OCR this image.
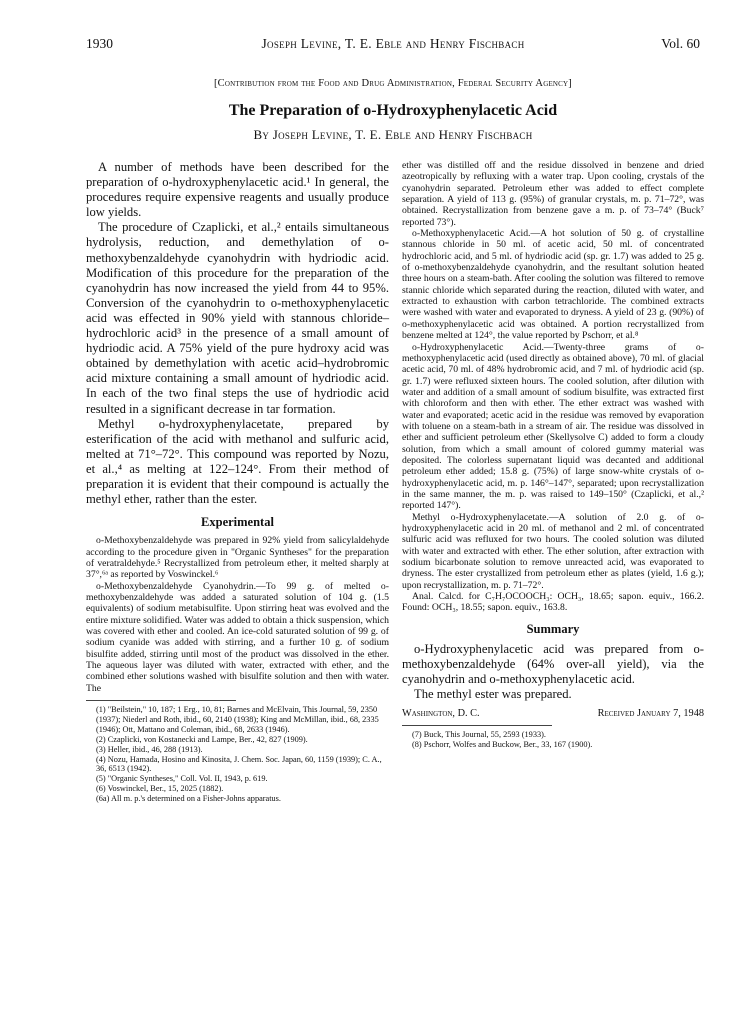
1930	Joseph Levine, T. E. Eble and Henry Fischbach	Vol. 60
[Contribution from the Food and Drug Administration, Federal Security Agency]
The Preparation of o-Hydroxyphenylacetic Acid
By Joseph Levine, T. E. Eble and Henry Fischbach

A number of methods have been described for the preparation of o-hydroxyphenylacetic acid.¹ In general, the procedures require expensive reagents and usually produce low yields.

The procedure of Czaplicki, et al.,² entails simultaneous hydrolysis, reduction, and demethylation of o-methoxybenzaldehyde cyanohydrin with hydriodic acid. Modification of this procedure for the preparation of the cyanohydrin has now increased the yield from 44 to 95%. Conversion of the cyanohydrin to o-methoxyphenylacetic acid was effected in 90% yield with stannous chloride–hydrochloric acid³ in the presence of a small amount of hydriodic acid. A 75% yield of the pure hydroxy acid was obtained by demethylation with acetic acid–hydrobromic acid mixture containing a small amount of hydriodic acid. In each of the two final steps the use of hydriodic acid resulted in a significant decrease in tar formation.

Methyl o-hydroxyphenylacetate, prepared by esterification of the acid with methanol and sulfuric acid, melted at 71°–72°. This compound was reported by Nozu, et al.,⁴ as melting at 122–124°. From their method of preparation it is evident that their compound is actually the methyl ether, rather than the ester.

Experimental

o-Methoxybenzaldehyde was prepared in 92% yield from salicylaldehyde according to the procedure given in "Organic Syntheses" for the preparation of veratraldehyde.⁵ Recrystallized from petroleum ether, it melted sharply at 37°,⁶ᵃ as reported by Voswinckel.⁶

o-Methoxybenzaldehyde Cyanohydrin.—To 99 g. of melted o-methoxybenzaldehyde was added a saturated solution of 104 g. (1.5 equivalents) of sodium metabisulfite. Upon stirring heat was evolved and the entire mixture solidified. Water was added to obtain a thick suspension, which was covered with ether and cooled. An ice-cold saturated solution of 99 g. of sodium cyanide was added with stirring, and a further 10 g. of sodium bisulfite added, stirring until most of the product was dissolved in the ether. The aqueous layer was diluted with water, extracted with ether, and the combined ether solutions washed with bisulfite solution and then with water. The

(1) "Beilstein," 10, 187; 1 Erg., 10, 81; Barnes and McElvain, This Journal, 59, 2350 (1937); Niederl and Roth, ibid., 60, 2140 (1938); King and McMillan, ibid., 68, 2335 (1946); Ott, Mattano and Coleman, ibid., 68, 2633 (1946).

(2) Czaplicki, von Kostanecki and Lampe, Ber., 42, 827 (1909).

(3) Heller, ibid., 46, 288 (1913).

(4) Nozu, Hamada, Hosino and Kinosita, J. Chem. Soc. Japan, 60, 1159 (1939); C. A., 36, 6513 (1942).

(5) "Organic Syntheses," Coll. Vol. II, 1943, p. 619.

(6) Voswinckel, Ber., 15, 2025 (1882).

(6a) All m. p.'s determined on a Fisher-Johns apparatus.

ether was distilled off and the residue dissolved in benzene and dried azeotropically by refluxing with a water trap. Upon cooling, crystals of the cyanohydrin separated. Petroleum ether was added to effect complete separation. A yield of 113 g. (95%) of granular crystals, m. p. 71–72°, was obtained. Recrystallization from benzene gave a m. p. of 73–74° (Buck⁷ reported 73°).

o-Methoxyphenylacetic Acid.—A hot solution of 50 g. of crystalline stannous chloride in 50 ml. of acetic acid, 50 ml. of concentrated hydrochloric acid, and 5 ml. of hydriodic acid (sp. gr. 1.7) was added to 25 g. of o-methoxybenzaldehyde cyanohydrin, and the resultant solution heated three hours on a steam-bath. After cooling the solution was filtered to remove stannic chloride which separated during the reaction, diluted with water, and extracted to exhaustion with carbon tetrachloride. The combined extracts were washed with water and evaporated to dryness. A yield of 23 g. (90%) of o-methoxyphenylacetic acid was obtained. A portion recrystallized from benzene melted at 124°, the value reported by Pschorr, et al.⁸

o-Hydroxyphenylacetic Acid.—Twenty-three grams of o-methoxyphenylacetic acid (used directly as obtained above), 70 ml. of glacial acetic acid, 70 ml. of 48% hydrobromic acid, and 7 ml. of hydriodic acid (sp. gr. 1.7) were refluxed sixteen hours. The cooled solution, after dilution with water and addition of a small amount of sodium bisulfite, was extracted first with chloroform and then with ether. The ether extract was washed with water and evaporated; acetic acid in the residue was removed by evaporation with toluene on a steam-bath in a stream of air. The residue was dissolved in ether and sufficient petroleum ether (Skellysolve C) added to form a cloudy solution, from which a small amount of colored gummy material was deposited. The colorless supernatant liquid was decanted and additional petroleum ether added; 15.8 g. (75%) of large snow-white crystals of o-hydroxyphenylacetic acid, m. p. 146°–147°, separated; upon recrystallization in the same manner, the m. p. was raised to 149–150° (Czaplicki, et al.,² reported 147°).

Methyl o-Hydroxyphenylacetate.—A solution of 2.0 g. of o-hydroxyphenylacetic acid in 20 ml. of methanol and 2 ml. of concentrated sulfuric acid was refluxed for two hours. The cooled solution was diluted with water and extracted with ether. The ether solution, after extraction with sodium bicarbonate solution to remove unreacted acid, was evaporated to dryness. The ester crystallized from petroleum ether as plates (yield, 1.6 g.); upon recrystallization, m. p. 71–72°.

Anal. Calcd. for C₇H₇OCOOCH₃: OCH₃, 18.65; sapon. equiv., 166.2. Found: OCH₃, 18.55; sapon. equiv., 163.8.

Summary

o-Hydroxyphenylacetic acid was prepared from o-methoxybenzaldehyde (64% over-all yield), via the cyanohydrin and o-methoxyphenylacetic acid.

The methyl ester was prepared.

Washington, D. C.	Received January 7, 1948

(7) Buck, This Journal, 55, 2593 (1933).

(8) Pschorr, Wolfes and Buckow, Ber., 33, 167 (1900).
